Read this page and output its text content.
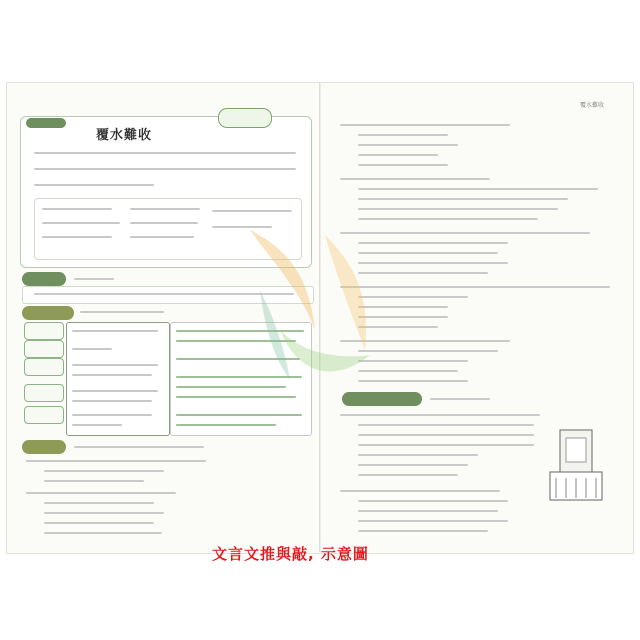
覆水難收
覆水難收
文言文推與敲, 示意圖
